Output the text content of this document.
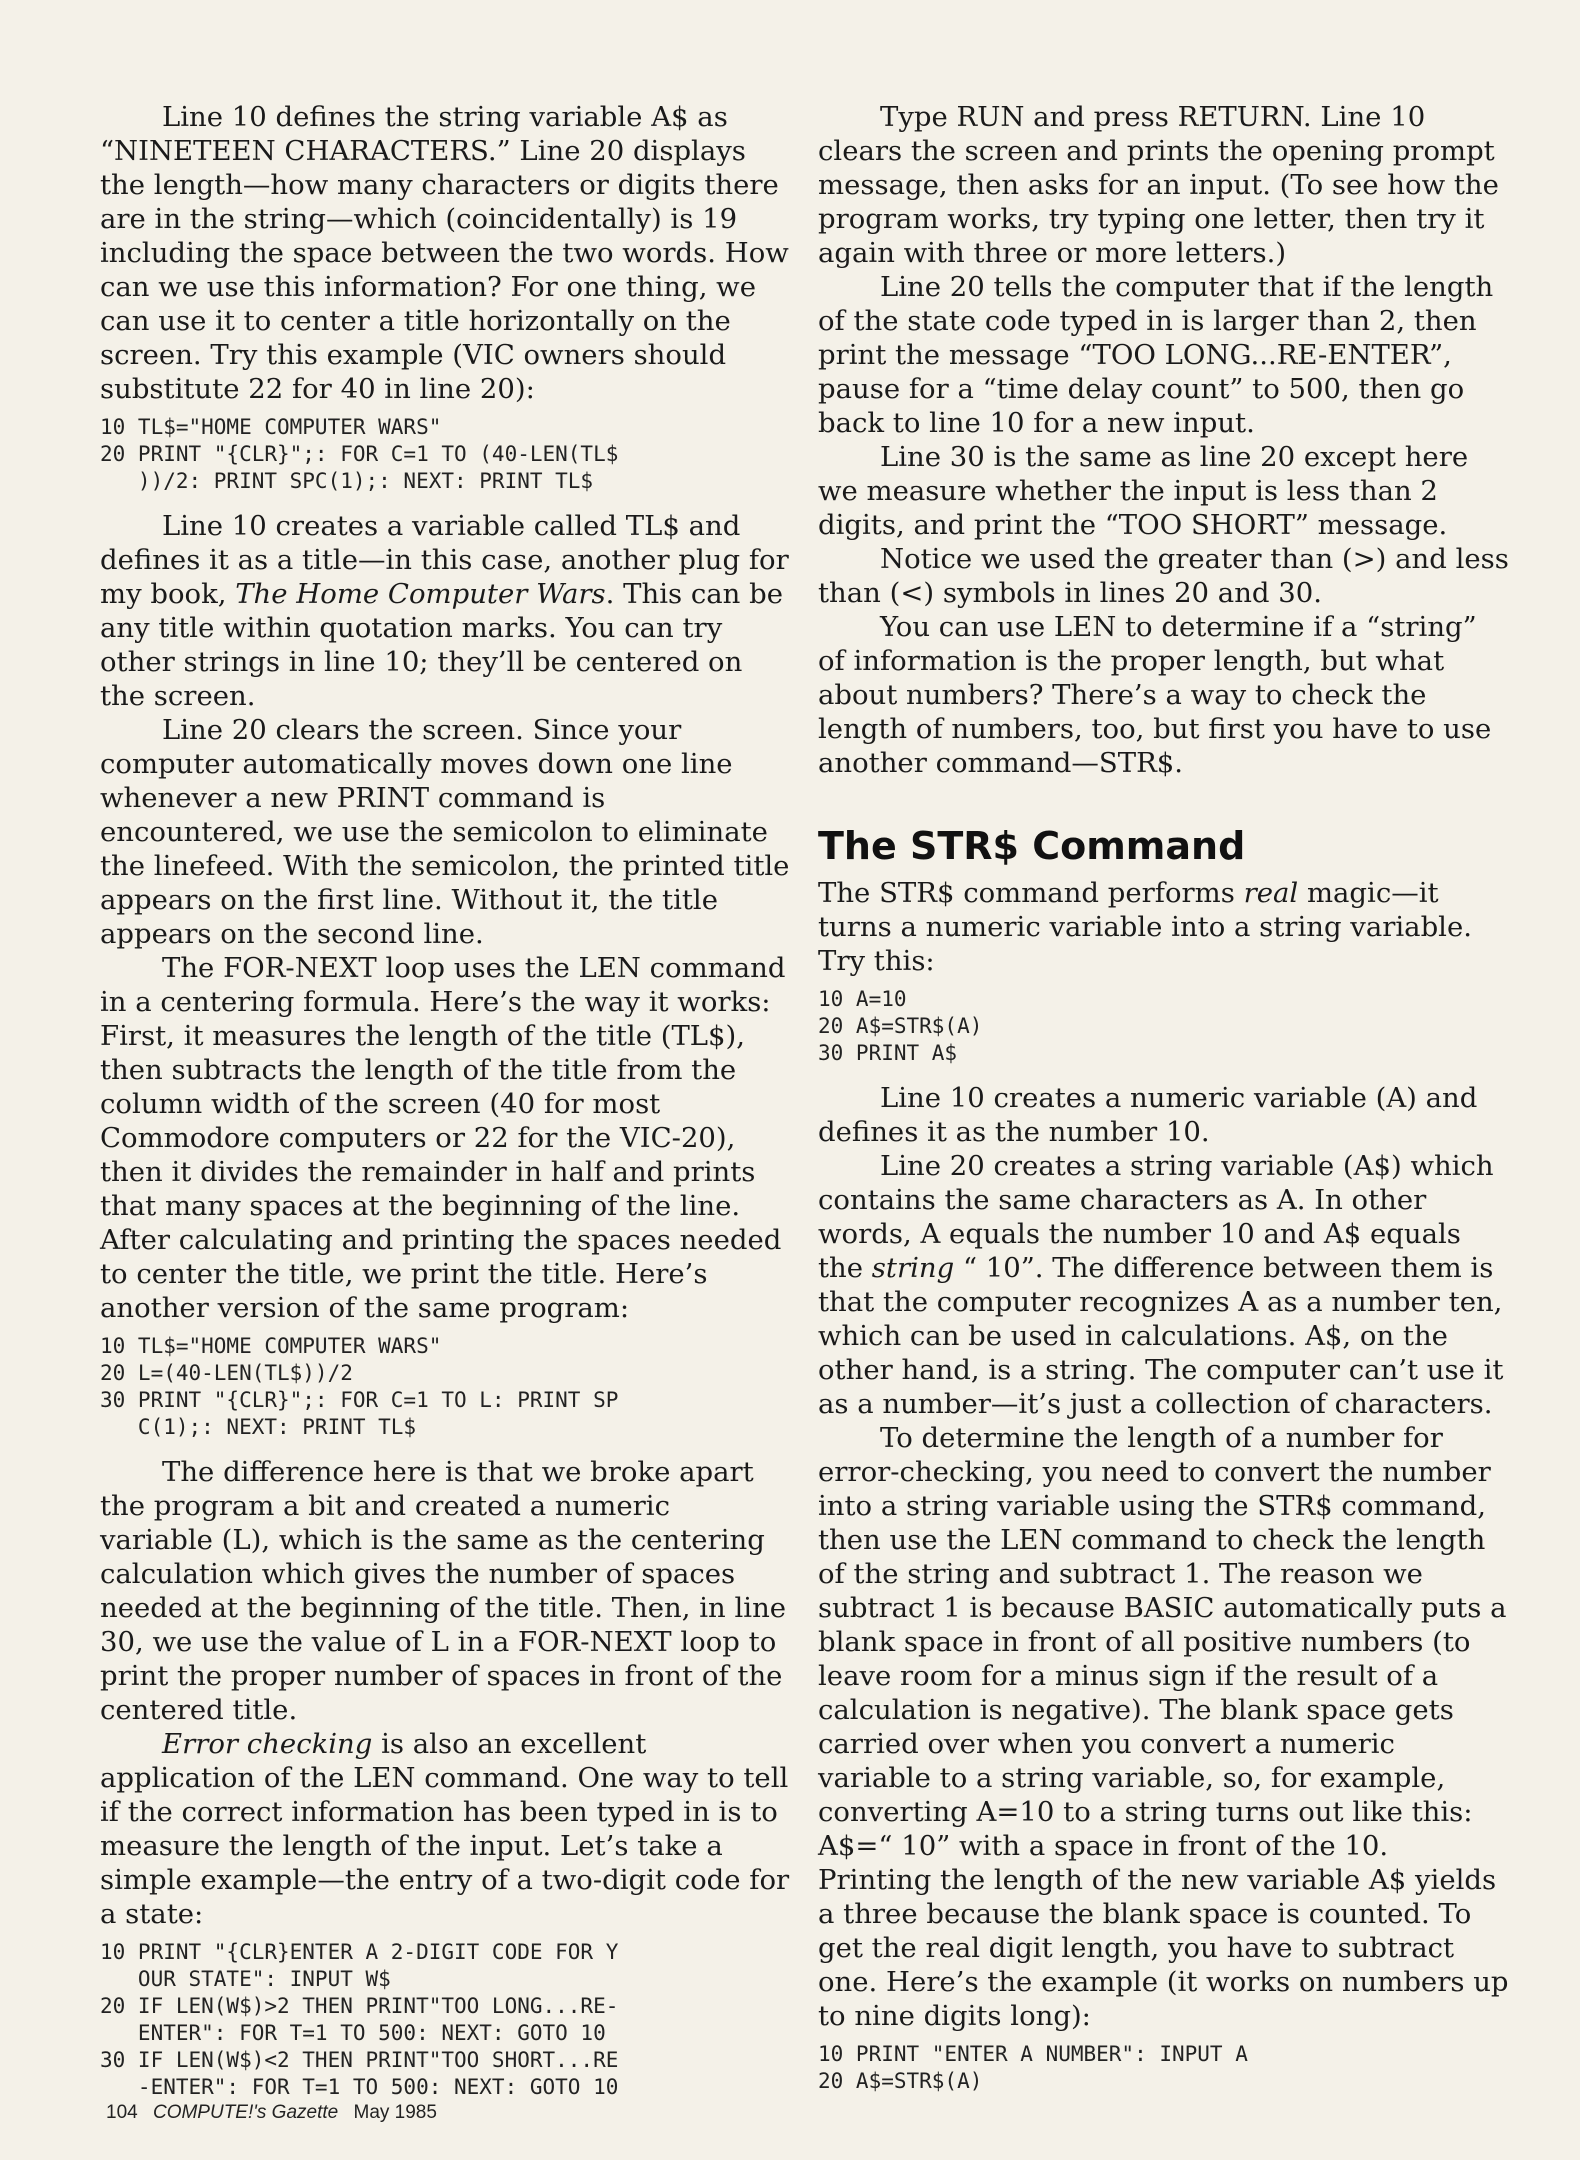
Line 10 defines the string variable A$ as “NINETEEN CHARACTERS.” Line 20 displays the length—how many characters or digits there are in the string—which (coincidentally) is 19 including the space between the two words. How can we use this information? For one thing, we can use it to center a title horizontally on the screen. Try this example (VIC owners should substitute 22 for 40 in line 20):

10 TL$="HOME COMPUTER WARS"
20 PRINT "{CLR}";: FOR C=1 TO (40-LEN(TL$
))/2: PRINT SPC(1);: NEXT: PRINT TL$

Line 10 creates a variable called TL$ and defines it as a title—in this case, another plug for my book, The Home Computer Wars. This can be any title within quotation marks. You can try other strings in line 10; they’ll be centered on the screen.

Line 20 clears the screen. Since your computer automatically moves down one line whenever a new PRINT command is encountered, we use the semicolon to eliminate the linefeed. With the semicolon, the printed title appears on the first line. Without it, the title appears on the second line.

The FOR-NEXT loop uses the LEN command in a centering formula. Here’s the way it works: First, it measures the length of the title (TL$), then subtracts the length of the title from the column width of the screen (40 for most Commodore computers or 22 for the VIC-20), then it divides the remainder in half and prints that many spaces at the beginning of the line. After calculating and printing the spaces needed to center the title, we print the title. Here’s another version of the same program:

10 TL$="HOME COMPUTER WARS"
20 L=(40-LEN(TL$))/2
30 PRINT "{CLR}";: FOR C=1 TO L: PRINT SP
C(1);: NEXT: PRINT TL$

The difference here is that we broke apart the program a bit and created a numeric variable (L), which is the same as the centering calculation which gives the number of spaces needed at the beginning of the title. Then, in line 30, we use the value of L in a FOR-NEXT loop to print the proper number of spaces in front of the centered title.

Error checking is also an excellent application of the LEN command. One way to tell if the correct information has been typed in is to measure the length of the input. Let’s take a simple example—the entry of a two-digit code for a state:

10 PRINT "{CLR}ENTER A 2-DIGIT CODE FOR Y
OUR STATE": INPUT W$
20 IF LEN(W$)>2 THEN PRINT"TOO LONG...RE-
ENTER": FOR T=1 TO 500: NEXT: GOTO 10
30 IF LEN(W$)<2 THEN PRINT"TOO SHORT...RE
-ENTER": FOR T=1 TO 500: NEXT: GOTO 10

Type RUN and press RETURN. Line 10 clears the screen and prints the opening prompt message, then asks for an input. (To see how the program works, try typing one letter, then try it again with three or more letters.)

Line 20 tells the computer that if the length of the state code typed in is larger than 2, then print the message “TOO LONG...RE-ENTER”, pause for a “time delay count” to 500, then go back to line 10 for a new input.

Line 30 is the same as line 20 except here we measure whether the input is less than 2 digits, and print the “TOO SHORT” message.

Notice we used the greater than (>) and less than (<) symbols in lines 20 and 30.

You can use LEN to determine if a “string” of information is the proper length, but what about numbers? There’s a way to check the length of numbers, too, but first you have to use another command—STR$.

The STR$ Command

The STR$ command performs real magic—it turns a numeric variable into a string variable. Try this:

10 A=10
20 A$=STR$(A)
30 PRINT A$

Line 10 creates a numeric variable (A) and defines it as the number 10.

Line 20 creates a string variable (A$) which contains the same characters as A. In other words, A equals the number 10 and A$ equals the string “ 10”. The difference between them is that the computer recognizes A as a number ten, which can be used in calculations. A$, on the other hand, is a string. The computer can’t use it as a number—it’s just a collection of characters.

To determine the length of a number for error-checking, you need to convert the number into a string variable using the STR$ command, then use the LEN command to check the length of the string and subtract 1. The reason we subtract 1 is because BASIC automatically puts a blank space in front of all positive numbers (to leave room for a minus sign if the result of a calculation is negative). The blank space gets carried over when you convert a numeric variable to a string variable, so, for example, converting A=10 to a string turns out like this: A$=“ 10” with a space in front of the 10. Printing the length of the new variable A$ yields a three because the blank space is counted. To get the real digit length, you have to subtract one. Here’s the example (it works on numbers up to nine digits long):

10 PRINT "ENTER A NUMBER": INPUT A
20 A$=STR$(A)
104 COMPUTE!'s Gazette May 1985
